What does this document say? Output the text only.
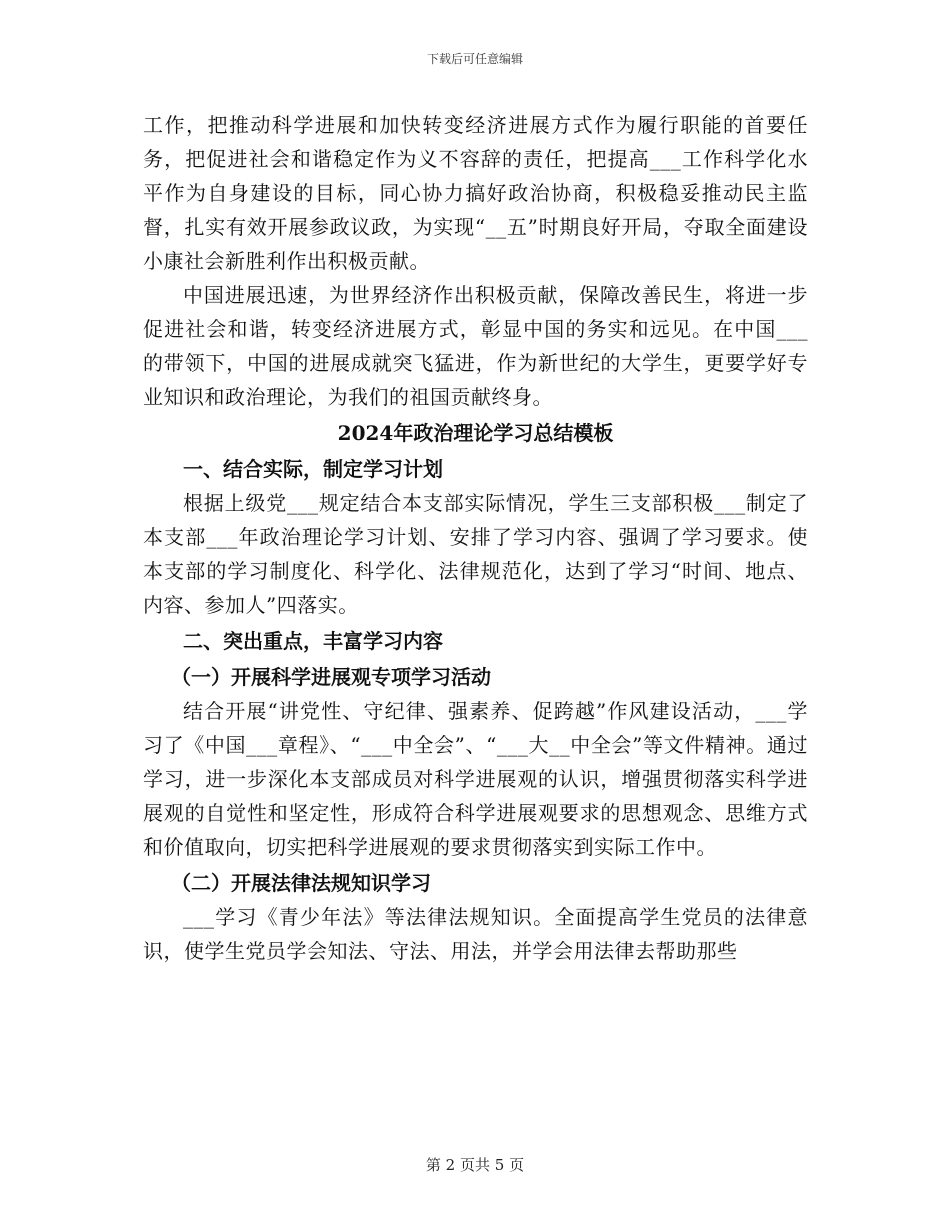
下载后可任意编辑

工作，把推动科学进展和加快转变经济进展方式作为履行职能的首要任务，把促进社会和谐稳定作为义不容辞的责任，把提高___工作科学化水平作为自身建设的目标，同心协力搞好政治协商，积极稳妥推动民主监督，扎实有效开展参政议政，为实现“__五”时期良好开局，夺取全面建设小康社会新胜利作出积极贡献。

中国进展迅速，为世界经济作出积极贡献，保障改善民生，将进一步促进社会和谐，转变经济进展方式，彰显中国的务实和远见。在中国___的带领下，中国的进展成就突飞猛进，作为新世纪的大学生，更要学好专业知识和政治理论，为我们的祖国贡献终身。

2024年政治理论学习总结模板
一、结合实际，制定学习计划

根据上级党___规定结合本支部实际情况，学生三支部积极___制定了本支部___年政治理论学习计划、安排了学习内容、强调了学习要求。使本支部的学习制度化、科学化、法律规范化，达到了学习“时间、地点、内容、参加人”四落实。

二、突出重点，丰富学习内容
（一）开展科学进展观专项学习活动

结合开展“讲党性、守纪律、强素养、促跨越”作风建设活动，___学习了《中国___章程》、“___中全会”、“___大__中全会”等文件精神。通过学习，进一步深化本支部成员对科学进展观的认识，增强贯彻落实科学进展观的自觉性和坚定性，形成符合科学进展观要求的思想观念、思维方式和价值取向，切实把科学进展观的要求贯彻落实到实际工作中。

（二）开展法律法规知识学习

___学习《青少年法》等法律法规知识。全面提高学生党员的法律意识，使学生党员学会知法、守法、用法，并学会用法律去帮助那些

第 2 页共 5 页
